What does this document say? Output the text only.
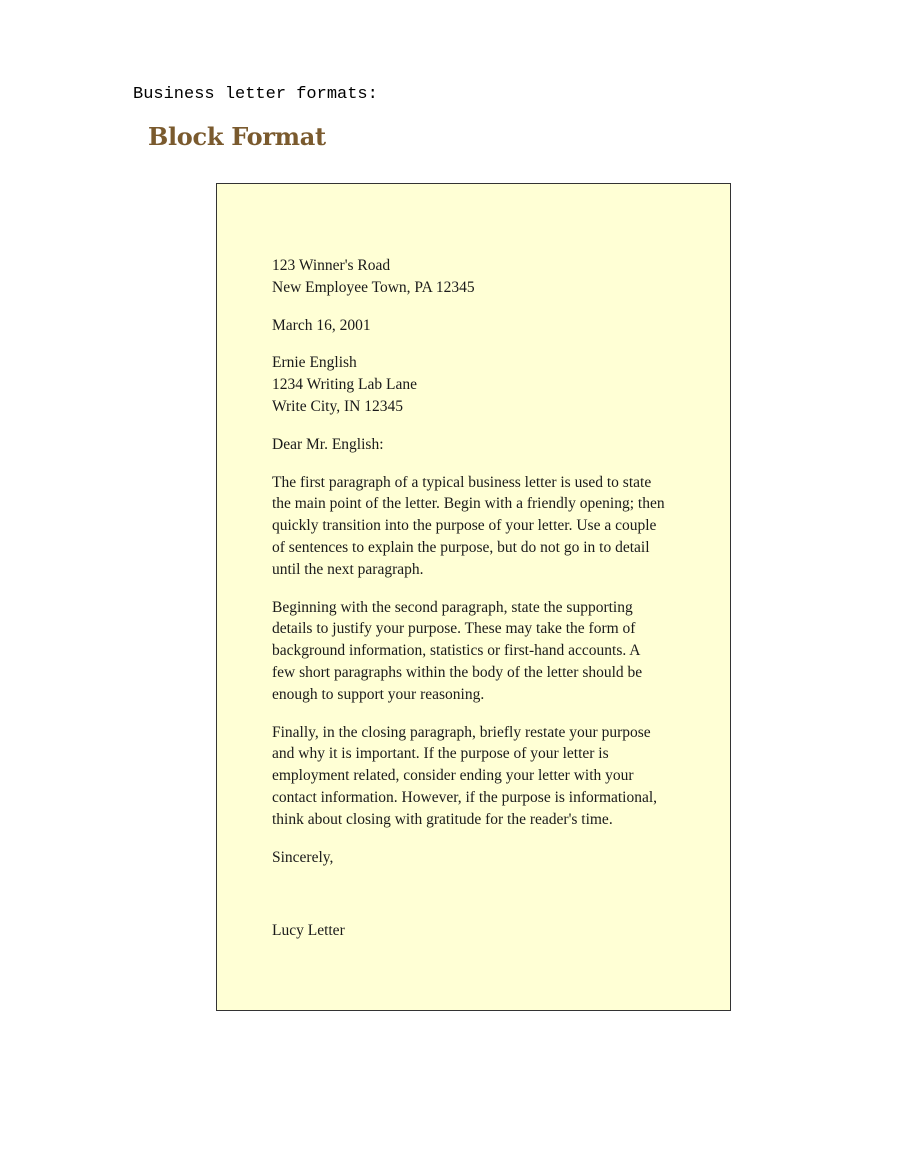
Business letter formats:
Block Format
123 Winner's Road
New Employee Town, PA 12345
March 16, 2001
Ernie English
1234 Writing Lab Lane
Write City, IN 12345
Dear Mr. English:
The first paragraph of a typical business letter is used to state
the main point of the letter. Begin with a friendly opening; then
quickly transition into the purpose of your letter. Use a couple
of sentences to explain the purpose, but do not go in to detail
until the next paragraph.
Beginning with the second paragraph, state the supporting
details to justify your purpose. These may take the form of
background information, statistics or first-hand accounts. A
few short paragraphs within the body of the letter should be
enough to support your reasoning.
Finally, in the closing paragraph, briefly restate your purpose
and why it is important. If the purpose of your letter is
employment related, consider ending your letter with your
contact information. However, if the purpose is informational,
think about closing with gratitude for the reader's time.
Sincerely,
Lucy Letter
